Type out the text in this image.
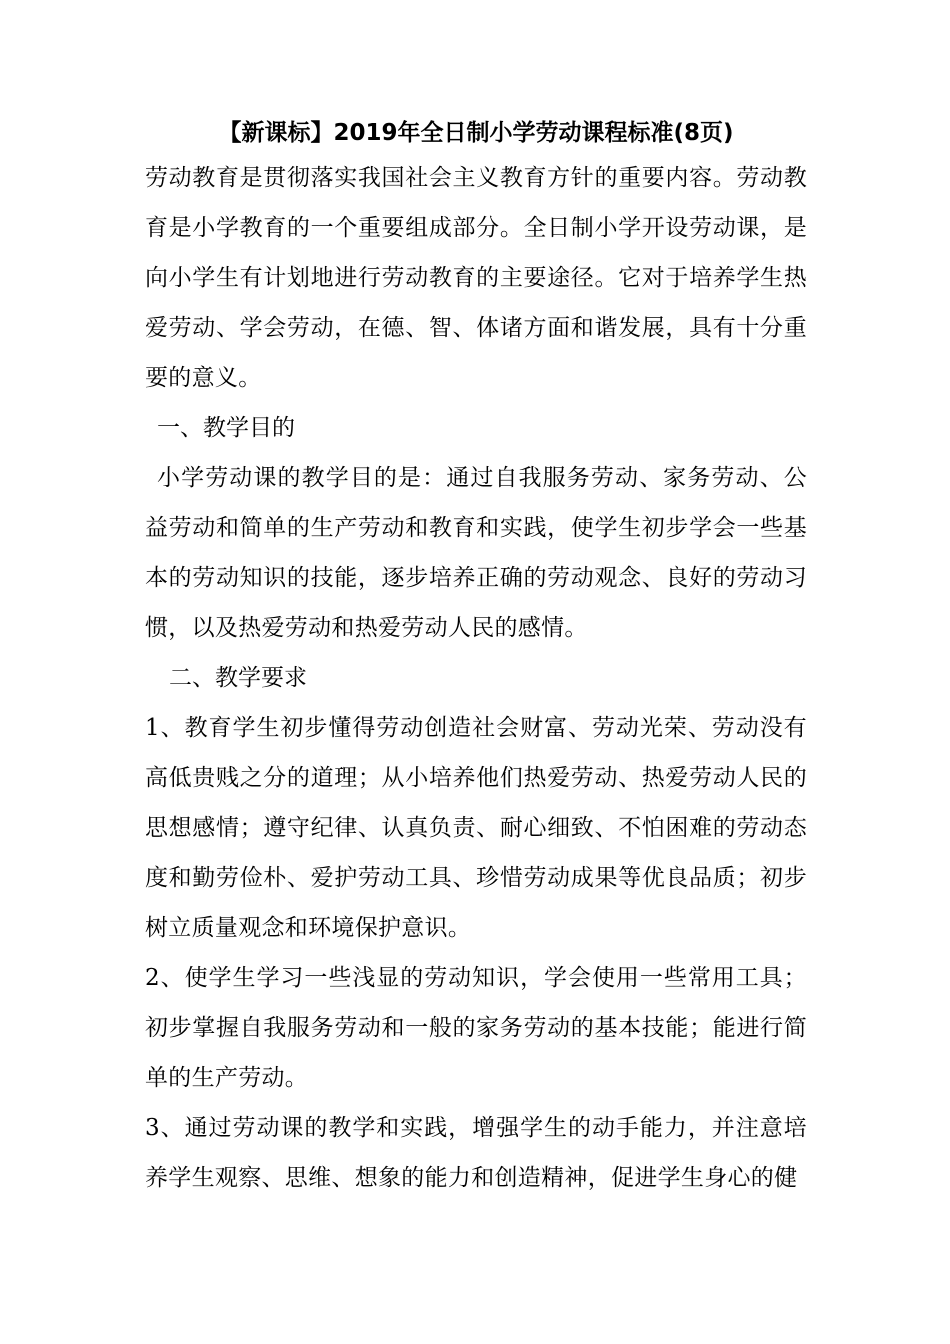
【新课标】2019年全日制小学劳动课程标准(8页)

劳动教育是贯彻落实我国社会主义教育方针的重要内容。劳动教育是小学教育的一个重要组成部分。全日制小学开设劳动课，是向小学生有计划地进行劳动教育的主要途径。它对于培养学生热爱劳动、学会劳动，在德、智、体诸方面和谐发展，具有十分重要的意义。

一、教学目的

小学劳动课的教学目的是：通过自我服务劳动、家务劳动、公益劳动和简单的生产劳动和教育和实践，使学生初步学会一些基本的劳动知识的技能，逐步培养正确的劳动观念、良好的劳动习惯，以及热爱劳动和热爱劳动人民的感情。

二、教学要求

1、教育学生初步懂得劳动创造社会财富、劳动光荣、劳动没有高低贵贱之分的道理；从小培养他们热爱劳动、热爱劳动人民的思想感情；遵守纪律、认真负责、耐心细致、不怕困难的劳动态度和勤劳俭朴、爱护劳动工具、珍惜劳动成果等优良品质；初步树立质量观念和环境保护意识。

2、使学生学习一些浅显的劳动知识，学会使用一些常用工具；初步掌握自我服务劳动和一般的家务劳动的基本技能；能进行简单的生产劳动。

3、通过劳动课的教学和实践，增强学生的动手能力，并注意培养学生观察、思维、想象的能力和创造精神，促进学生身心的健
